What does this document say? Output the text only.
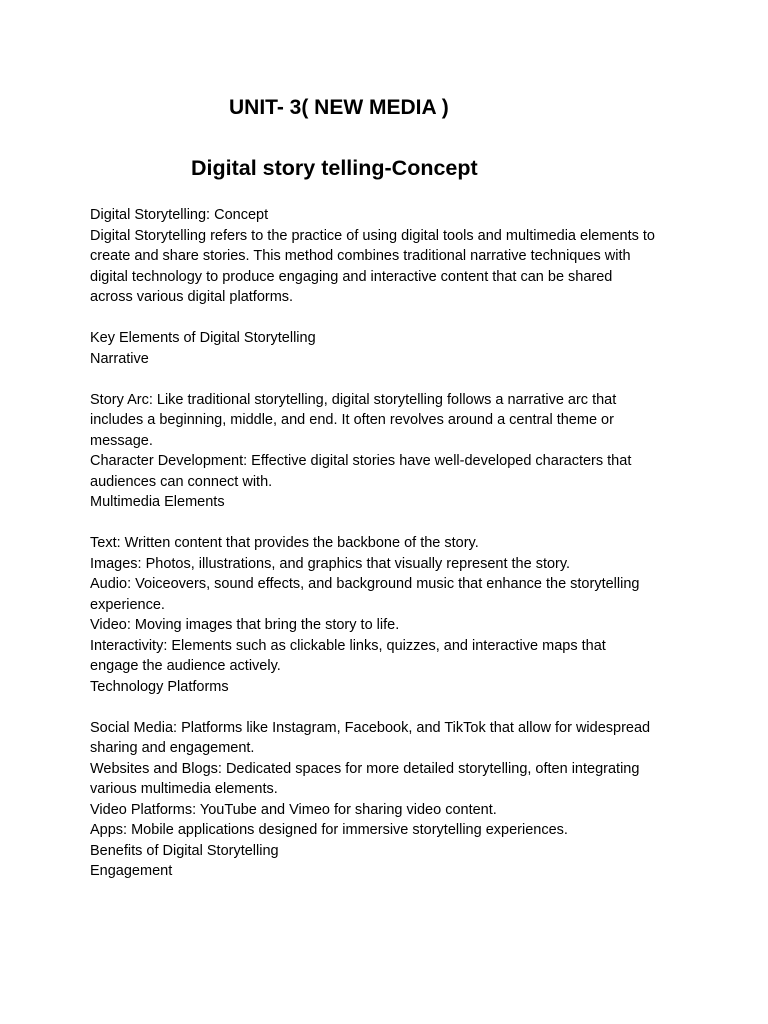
UNIT- 3( NEW MEDIA )
Digital story telling-Concept

Digital Storytelling: Concept

Digital Storytelling refers to the practice of using digital tools and multimedia elements to

create and share stories. This method combines traditional narrative techniques with

digital technology to produce engaging and interactive content that can be shared

across various digital platforms.

Key Elements of Digital Storytelling

Narrative

Story Arc: Like traditional storytelling, digital storytelling follows a narrative arc that

includes a beginning, middle, and end. It often revolves around a central theme or

message.

Character Development: Effective digital stories have well-developed characters that

audiences can connect with.

Multimedia Elements

Text: Written content that provides the backbone of the story.

Images: Photos, illustrations, and graphics that visually represent the story.

Audio: Voiceovers, sound effects, and background music that enhance the storytelling

experience.

Video: Moving images that bring the story to life.

Interactivity: Elements such as clickable links, quizzes, and interactive maps that

engage the audience actively.

Technology Platforms

Social Media: Platforms like Instagram, Facebook, and TikTok that allow for widespread

sharing and engagement.

Websites and Blogs: Dedicated spaces for more detailed storytelling, often integrating

various multimedia elements.

Video Platforms: YouTube and Vimeo for sharing video content.

Apps: Mobile applications designed for immersive storytelling experiences.

Benefits of Digital Storytelling

Engagement
